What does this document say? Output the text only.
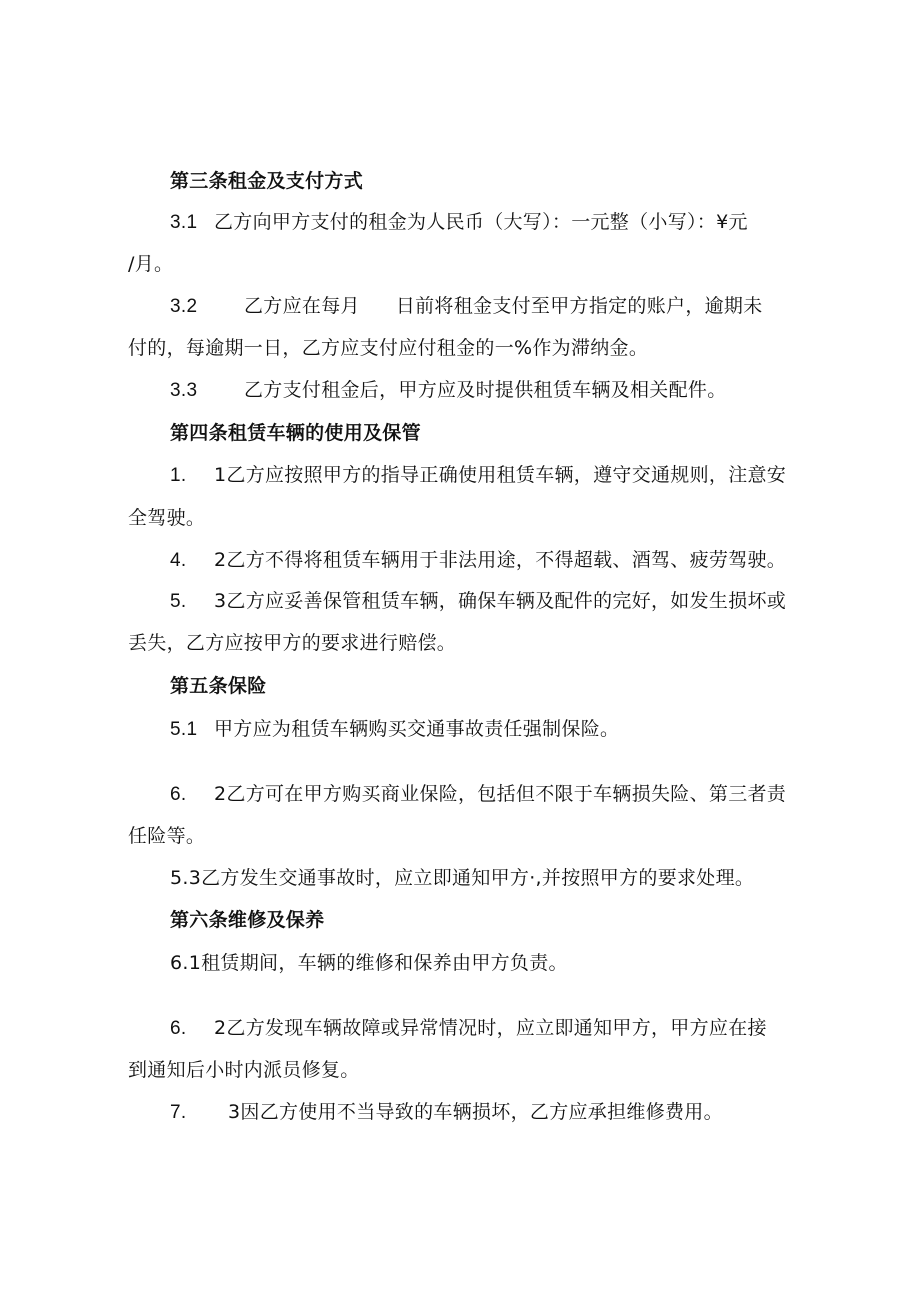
第三条租金及支付方式
3.1 乙方向甲方支付的租金为人民币（大写）：一元整（小写）：¥元
/月。
3.2 乙方应在每月 日前将租金支付至甲方指定的账户，逾期未
付的，每逾期一日，乙方应支付应付租金的一%作为滞纳金。
3.3 乙方支付租金后，甲方应及时提供租赁车辆及相关配件。
第四条租赁车辆的使用及保管
1. 1乙方应按照甲方的指导正确使用租赁车辆，遵守交通规则，注意安
全驾驶。
4. 2乙方不得将租赁车辆用于非法用途，不得超载、酒驾、疲劳驾驶。
5. 3乙方应妥善保管租赁车辆，确保车辆及配件的完好，如发生损坏或
丢失，乙方应按甲方的要求进行赔偿。
第五条保险
5.1 甲方应为租赁车辆购买交通事故责任强制保险。
6. 2乙方可在甲方购买商业保险，包括但不限于车辆损失险、第三者责
任险等。
5.3乙方发生交通事故时，应立即通知甲方·,并按照甲方的要求处理。
第六条维修及保养
6.1租赁期间，车辆的维修和保养由甲方负责。
6. 2乙方发现车辆故障或异常情况时，应立即通知甲方，甲方应在接
到通知后小时内派员修复。
7. 3因乙方使用不当导致的车辆损坏，乙方应承担维修费用。
